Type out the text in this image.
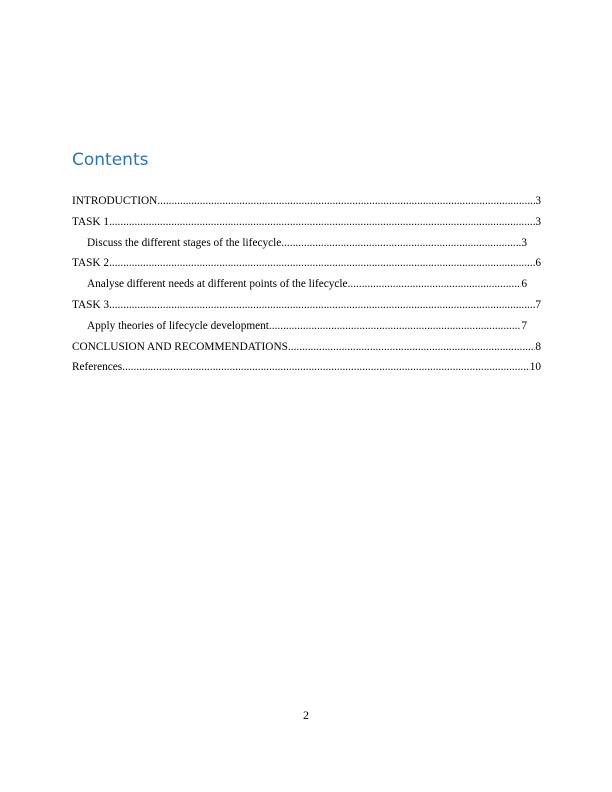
Contents
INTRODUCTION .....	3
TASK 1 .....	3
Discuss the different stages of the lifecycle .....	3
TASK 2 .....	6
Analyse different needs at different points of the lifecycle .....	6
TASK 3 .....	7
Apply theories of lifecycle development .....	7
CONCLUSION AND RECOMMENDATIONS .....	8
References .....	10
2
